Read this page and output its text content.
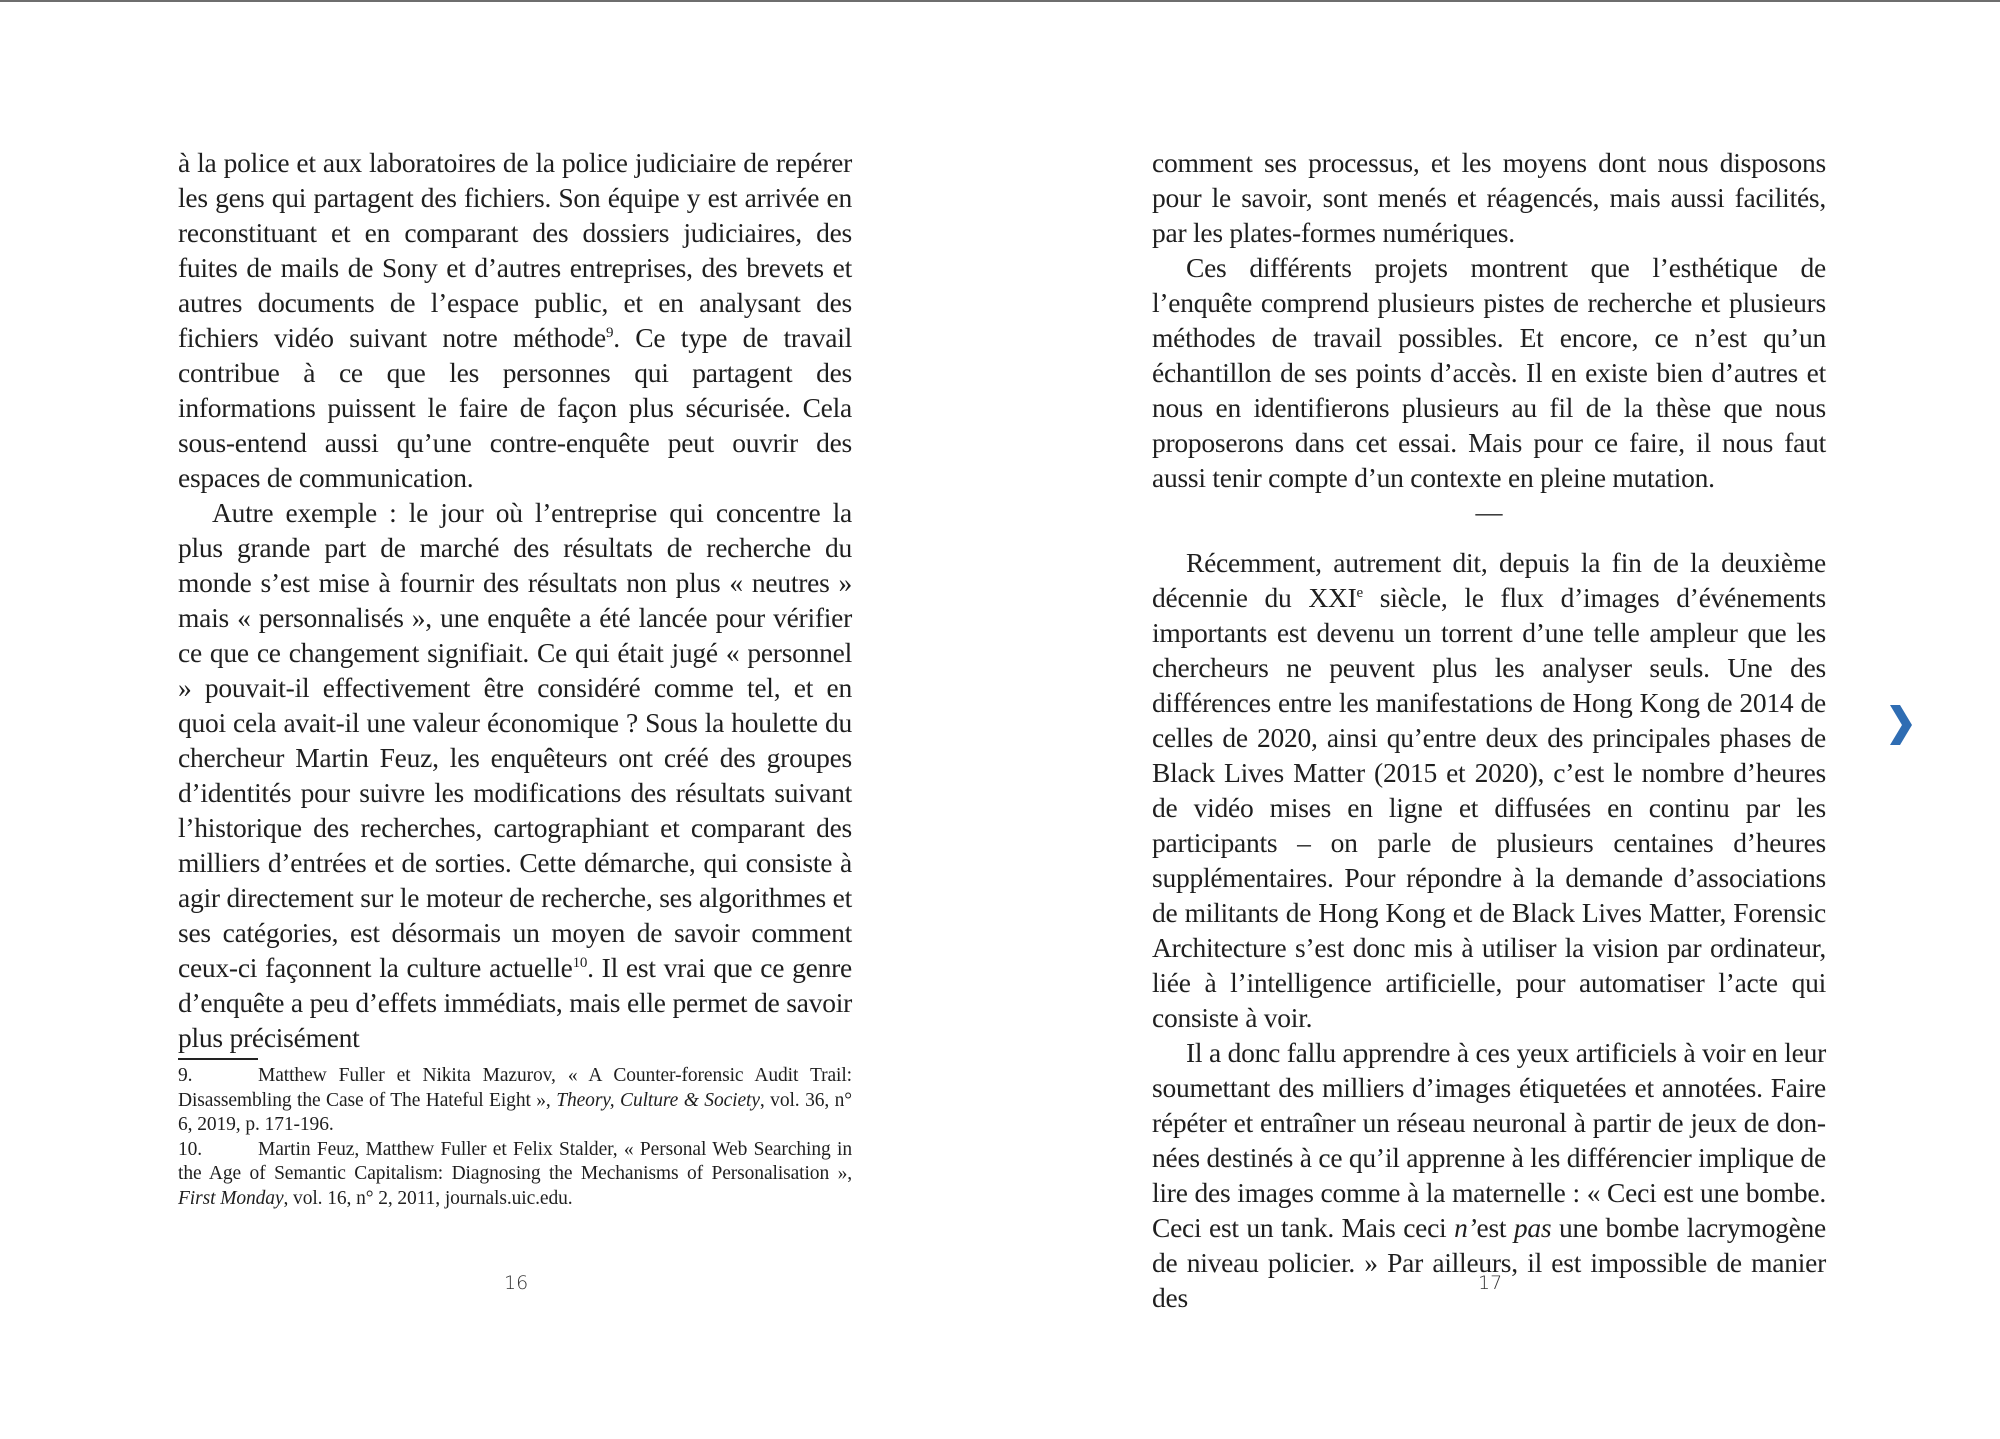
à la police et aux laboratoires de la police judiciaire de repérer les gens qui partagent des fichiers. Son équipe y est arrivée en reconstituant et en comparant des dossiers judiciaires, des fuites de mails de Sony et d’autres entreprises, des brevets et autres documents de l’espace public, et en analysant des fichiers vidéo suivant notre méthode$^9$. Ce type de travail contribue à ce que les personnes qui partagent des informations puissent le faire de façon plus sécurisée. Cela sous-entend aussi qu’une contre-enquête peut ouvrir des espaces de communication.

Autre exemple : le jour où l’entreprise qui concentre la plus grande part de marché des résultats de recherche du monde s’est mise à fournir des résultats non plus « neutres » mais « personnalisés », une enquête a été lancée pour vérifier ce que ce changement signifiait. Ce qui était jugé « personnel » pouvait-il effectivement être considéré comme tel, et en quoi cela avait-il une valeur économique ? Sous la houlette du chercheur Martin Feuz, les enquêteurs ont créé des groupes d’identités pour suivre les modifications des résultats suivant l’historique des recherches, cartographiant et comparant des milliers d’entrées et de sorties. Cette démarche, qui consiste à agir directement sur le moteur de recherche, ses algorithmes et ses catégories, est désormais un moyen de savoir comment ceux-ci façonnent la culture actuelle$^{10}$. Il est vrai que ce genre d’enquête a peu d’effets immédiats, mais elle permet de savoir plus précisément

9.	Matthew Fuller et Nikita Mazurov, « A Counter-forensic Audit Trail: Disassembling the Case of The Hateful Eight », Theory, Culture & Society, vol. 36, n° 6, 2019, p. 171-196.

10.	Martin Feuz, Matthew Fuller et Felix Stalder, « Personal Web Searching in the Age of Semantic Capitalism: Diagnosing the Mechanisms of Personalisation », First Monday, vol. 16, n° 2, 2011, journals.uic.edu.

16

comment ses processus, et les moyens dont nous disposons pour le savoir, sont menés et réagencés, mais aussi facilités, par les plates-formes numériques.

Ces différents projets montrent que l’esthétique de l’enquête comprend plusieurs pistes de recherche et plusieurs méthodes de travail possibles. Et encore, ce n’est qu’un échantillon de ses points d’accès. Il en existe bien d’autres et nous en identifierons plusieurs au fil de la thèse que nous proposerons dans cet essai. Mais pour ce faire, il nous faut aussi tenir compte d’un contexte en pleine mutation.

—

Récemment, autrement dit, depuis la fin de la deuxième décennie du XXIe siècle, le flux d’images d’événements importants est devenu un torrent d’une telle ampleur que les chercheurs ne peuvent plus les analyser seuls. Une des différences entre les manifestations de Hong Kong de 2014 de celles de 2020, ainsi qu’entre deux des principales phases de Black Lives Matter (2015 et 2020), c’est le nombre d’heures de vidéo mises en ligne et diffusées en continu par les participants – on parle de plusieurs centaines d’heures supplémentaires. Pour répondre à la demande d’associations de militants de Hong Kong et de Black Lives Matter, Forensic Architecture s’est donc mis à utiliser la vision par ordinateur, liée à l’intelligence artificielle, pour automatiser l’acte qui consiste à voir.

Il a donc fallu apprendre à ces yeux artificiels à voir en leur soumettant des milliers d’images étiquetées et annotées. Faire répéter et entraîner un réseau neuronal à partir de jeux de données destinés à ce qu’il apprenne à les différencier implique de lire des images comme à la maternelle : « Ceci est une bombe. Ceci est un tank. Mais ceci n’est pas une bombe lacrymogène de niveau policier. » Par ailleurs, il est impossible de manier des	17
